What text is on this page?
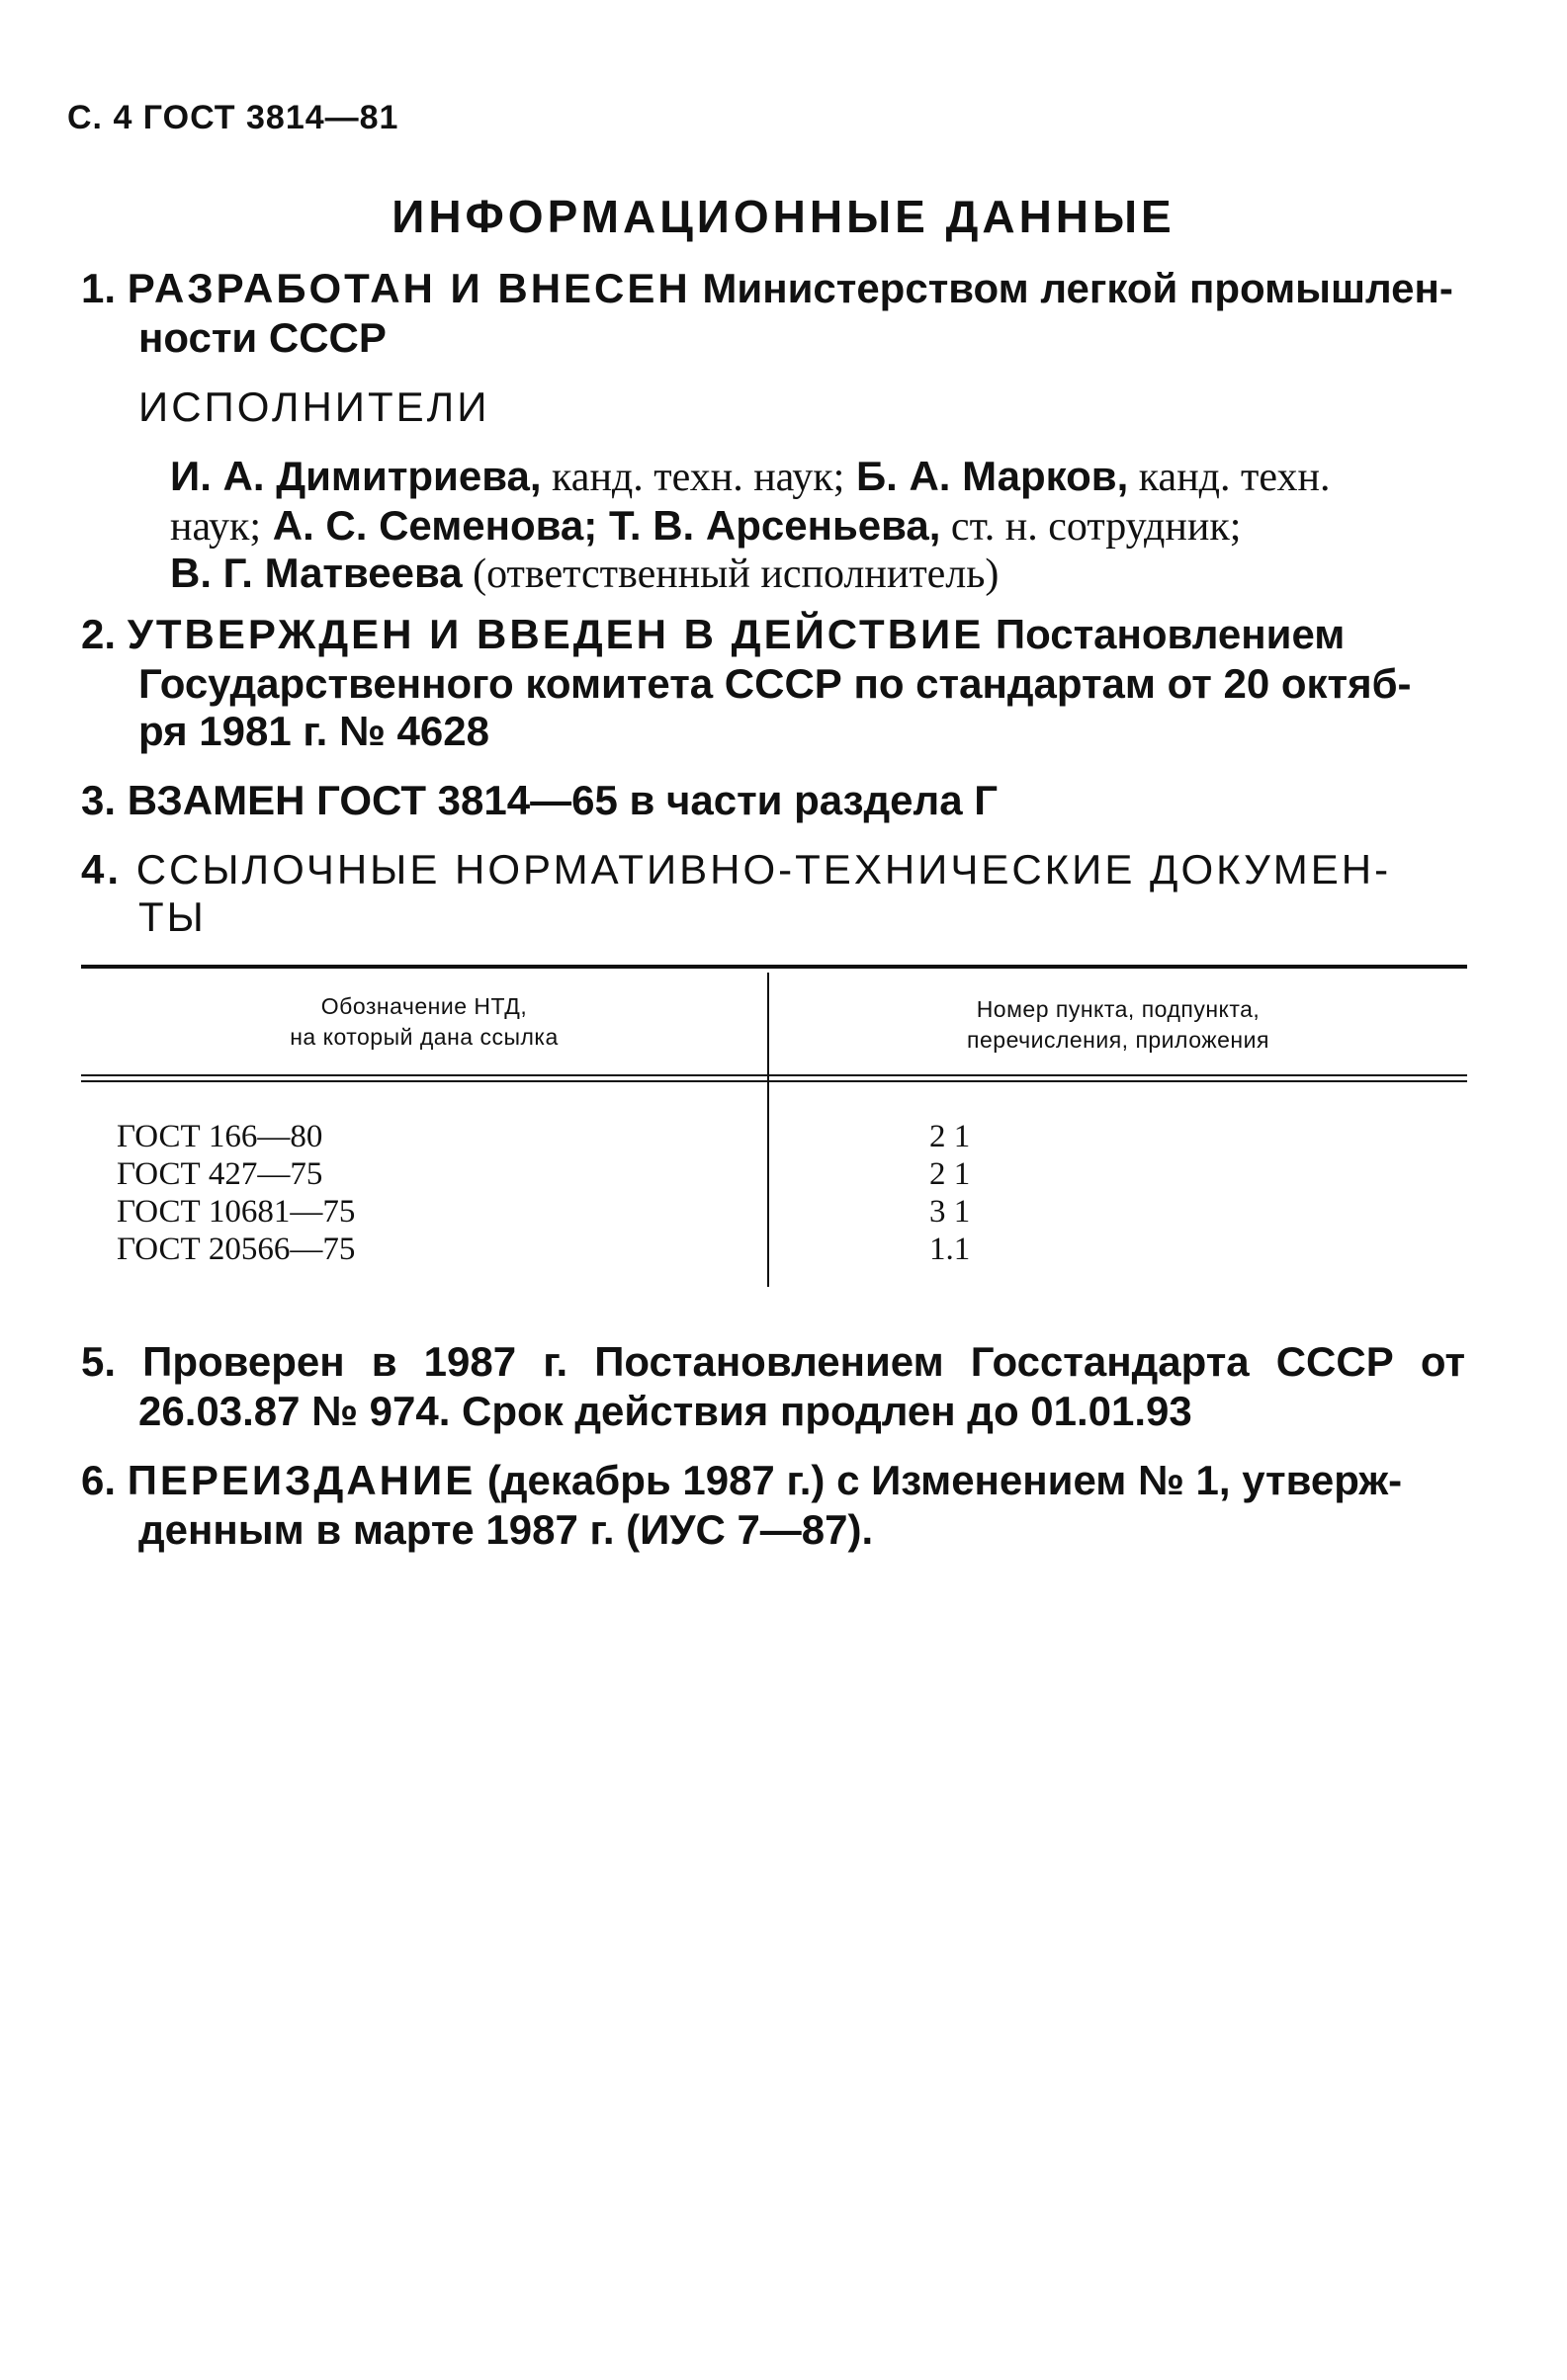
С. 4 ГОСТ 3814—81
ИНФОРМАЦИОННЫЕ ДАННЫЕ
1. РАЗРАБОТАН И ВНЕСЕН Министерством легкой промышлен-
ности СССР
ИСПОЛНИТЕЛИ
И. А. Димитриева, канд. техн. наук; Б. А. Марков, канд. техн.
наук; А. С. Семенова; Т. В. Арсеньева, ст. н. сотрудник;
В. Г. Матвеева (ответственный исполнитель)
2. УТВЕРЖДЕН И ВВЕДЕН В ДЕЙСТВИЕ Постановлением
Государственного комитета СССР по стандартам от 20 октяб-
ря 1981 г. № 4628
3. ВЗАМЕН ГОСТ 3814—65 в части раздела Г
4. ССЫЛОЧНЫЕ НОРМАТИВНО-ТЕХНИЧЕСКИЕ ДОКУМЕН-
ТЫ
Обозначение НТД,
на который дана ссылка
Номер пункта, подпункта,
перечисления, приложения
ГОСТ 166—80
ГОСТ 427—75
ГОСТ 10681—75
ГОСТ 20566—75
2 1
2 1
3 1
1.1
5. Проверен в 1987 г. Постановлением Госстандарта СССР от
26.03.87 № 974. Срок действия продлен до 01.01.93
6. ПЕРЕИЗДАНИЕ (декабрь 1987 г.) с Изменением № 1, утверж-
денным в марте 1987 г. (ИУС 7—87).
